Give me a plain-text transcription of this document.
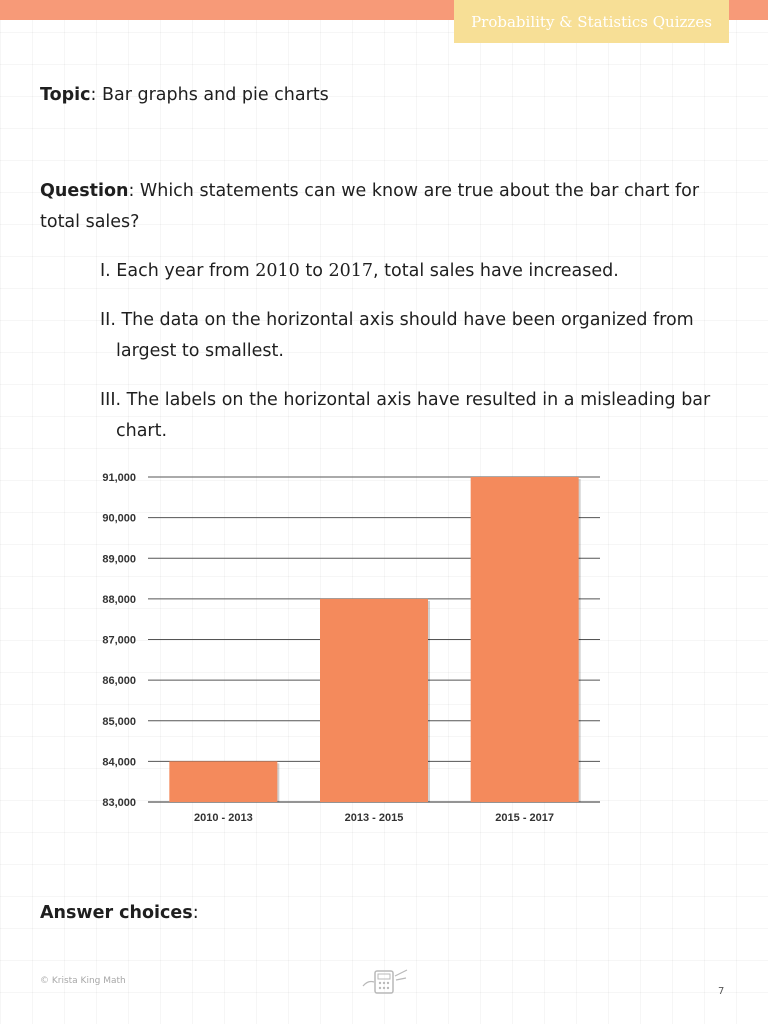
Probability & Statistics Quizzes
Topic: Bar graphs and pie charts
Question: Which statements can we know are true about the bar chart for
total sales?
I. Each year from 2010 to 2017, total sales have increased.
II. The data on the horizontal axis should have been organized from
largest to smallest.
III. The labels on the horizontal axis have resulted in a misleading bar
chart.
83,000
84,000
85,000
86,000
87,000
88,000
89,000
90,000
91,000
2010 - 2013	2013 - 2015	2015 - 2017
Answer choices:
© Krista King Math
7
